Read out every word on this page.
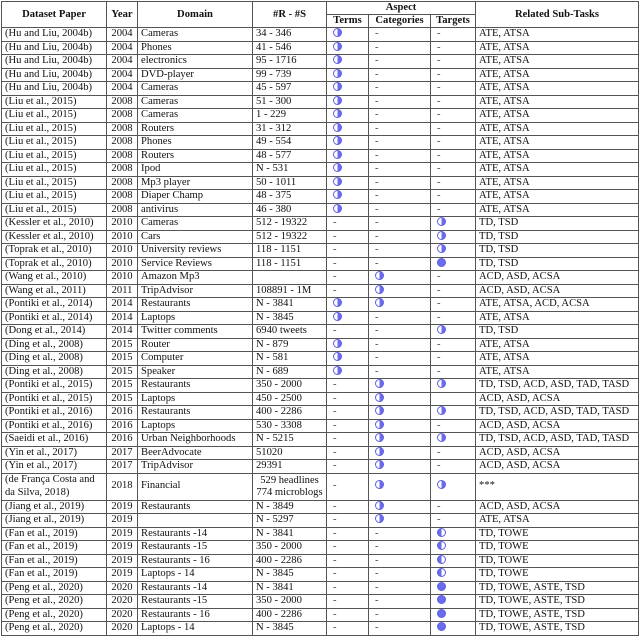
Dataset Paper	Year	Domain	#R - #S	Aspect			Related Sub-Tasks
				Terms	Categories	Targets	
(Hu and Liu, 2004b)	2004	Cameras	34 - 346		-	-	ATE, ATSA
(Hu and Liu, 2004b)	2004	Phones	41 - 546		-	-	ATE, ATSA
(Hu and Liu, 2004b)	2004	electronics	95 - 1716		-	-	ATE, ATSA
(Hu and Liu, 2004b)	2004	DVD-player	99 - 739		-	-	ATE, ATSA
(Hu and Liu, 2004b)	2004	Cameras	45 - 597		-	-	ATE, ATSA
(Liu et al., 2015)	2008	Cameras	51 - 300		-	-	ATE, ATSA
(Liu et al., 2015)	2008	Cameras	1 - 229		-	-	ATE, ATSA
(Liu et al., 2015)	2008	Routers	31 - 312		-	-	ATE, ATSA
(Liu et al., 2015)	2008	Phones	49 - 554		-	-	ATE, ATSA
(Liu et al., 2015)	2008	Routers	48 - 577		-	-	ATE, ATSA
(Liu et al., 2015)	2008	Ipod	N - 531		-	-	ATE, ATSA
(Liu et al., 2015)	2008	Mp3 player	50 - 1011		-	-	ATE, ATSA
(Liu et al., 2015)	2008	Diaper Champ	48 - 375		-	-	ATE, ATSA
(Liu et al., 2015)	2008	antivirus	46 - 380		-	-	ATE, ATSA
(Kessler et al., 2010)	2010	Cameras	512 - 19322	-	-		TD, TSD
(Kessler et al., 2010)	2010	Cars	512 - 19322	-	-		TD, TSD
(Toprak et al., 2010)	2010	University reviews	118 - 1151	-	-		TD, TSD
(Toprak et al., 2010)	2010	Service Reviews	118 - 1151	-	-		TD, TSD
(Wang et al., 2010)	2010	Amazon Mp3		-		-	ACD, ASD, ACSA
(Wang et al., 2011)	2011	TripAdvisor	108891 - 1M	-		-	ACD, ASD, ACSA
(Pontiki et al., 2014)	2014	Restaurants	N - 3841			-	ATE, ATSA, ACD, ACSA
(Pontiki et al., 2014)	2014	Laptops	N - 3845		-	-	ATE, ATSA
(Dong et al., 2014)	2014	Twitter comments	6940 tweets	-	-		TD, TSD
(Ding et al., 2008)	2015	Router	N - 879		-	-	ATE, ATSA
(Ding et al., 2008)	2015	Computer	N - 581		-	-	ATE, ATSA
(Ding et al., 2008)	2015	Speaker	N - 689		-	-	ATE, ATSA
(Pontiki et al., 2015)	2015	Restaurants	350 - 2000	-			TD, TSD, ACD, ASD, TAD, TASD
(Pontiki et al., 2015)	2015	Laptops	450 - 2500	-			ACD, ASD, ACSA
(Pontiki et al., 2016)	2016	Restaurants	400 - 2286	-			TD, TSD, ACD, ASD, TAD, TASD
(Pontiki et al., 2016)	2016	Laptops	530 - 3308	-		-	ACD, ASD, ACSA
(Saeidi et al., 2016)	2016	Urban Neighborhoods	N - 5215	-			TD, TSD, ACD, ASD, TAD, TASD
(Yin et al., 2017)	2017	BeerAdvocate	51020	-		-	ACD, ASD, ACSA
(Yin et al., 2017)	2017	TripAdvisor	29391	-		-	ACD, ASD, ACSA
(de França Costa and da Silva, 2018)	2018	Financial	529 headlines 774 microblogs	-			***
(Jiang et al., 2019)	2019	Restaurants	N - 3849	-		-	ACD, ASD, ACSA
(Jiang et al., 2019)	2019		N - 5297	-		-	ATE, ATSA
(Fan et al., 2019)	2019	Restaurants -14	N - 3841	-	-		TD, TOWE
(Fan et al., 2019)	2019	Restaurants -15	350 - 2000	-	-		TD, TOWE
(Fan et al., 2019)	2019	Restaurants - 16	400 - 2286	-	-		TD, TOWE
(Fan et al., 2019)	2019	Laptops - 14	N - 3845	-	-		TD, TOWE
(Peng et al., 2020)	2020	Restaurants -14	N - 3841	-	-		TD, TOWE, ASTE, TSD
(Peng et al., 2020)	2020	Restaurants -15	350 - 2000	-	-		TD, TOWE, ASTE, TSD
(Peng et al., 2020)	2020	Restaurants - 16	400 - 2286	-	-		TD, TOWE, ASTE, TSD
(Peng et al., 2020)	2020	Laptops - 14	N - 3845	-	-		TD, TOWE, ASTE, TSD
